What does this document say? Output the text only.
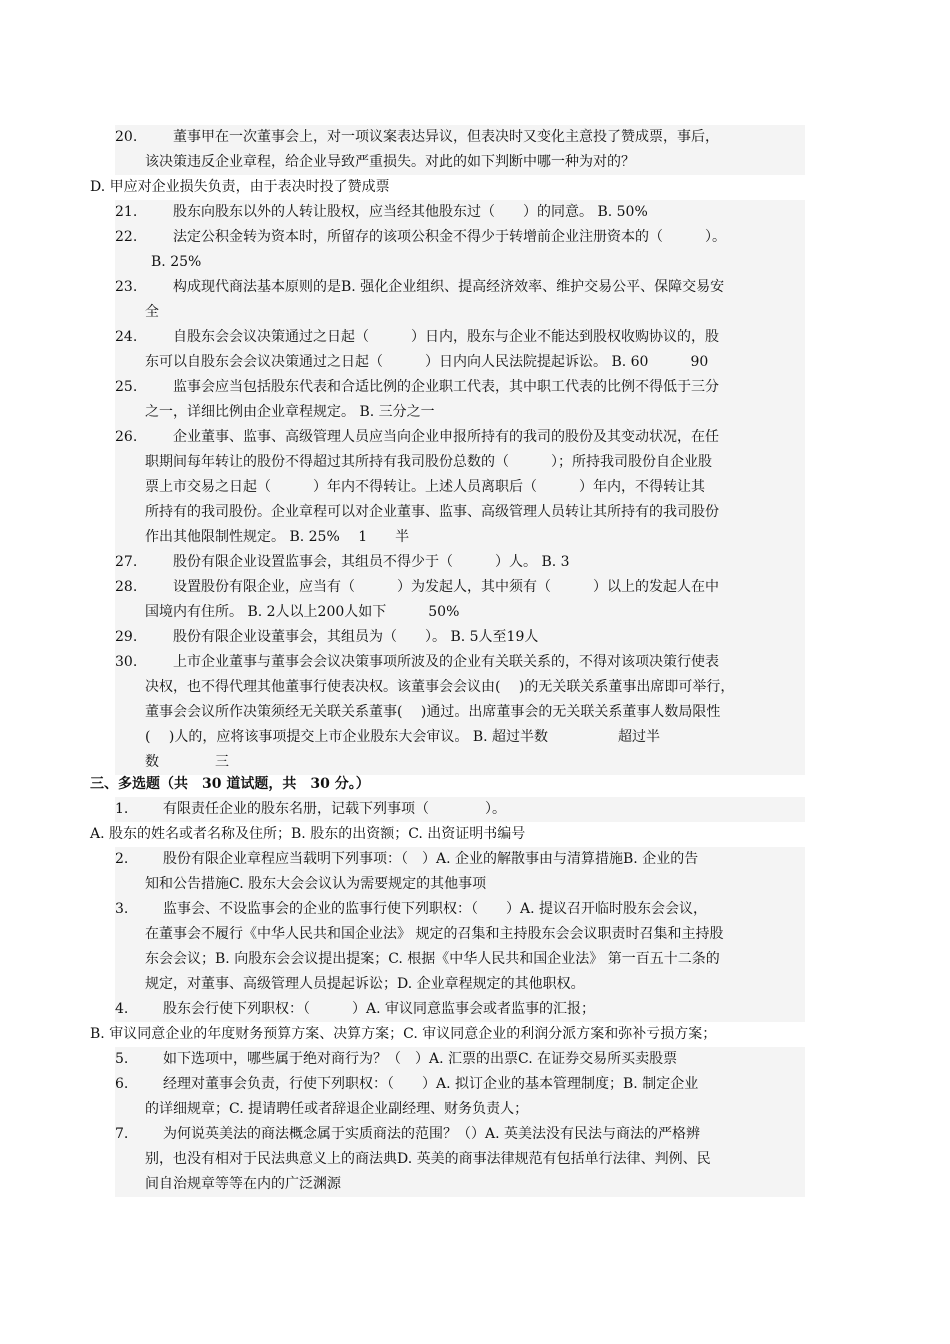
20.	董事甲在一次董事会上，对一项议案表达异议，但表决时又变化主意投了赞成票，事后，
该决策违反企业章程，给企业导致严重损失。对此的如下判断中哪一种为对的？
D. 甲应对企业损失负责，由于表决时投了赞成票
21.	股东向股东以外的人转让股权，应当经其他股东过（　　）的同意。 B. 50%
22.	法定公积金转为资本时，所留存的该项公积金不得少于转增前企业注册资本的（　　　）。
B. 25%
23.	构成现代商法基本原则的是B. 强化企业组织、提高经济效率、维护交易公平、保障交易安
全
24.	自股东会会议决策通过之日起（　　　）日内，股东与企业不能达到股权收购协议的，股
东可以自股东会会议决策通过之日起（　　　）日内向人民法院提起诉讼。 B. 60　　　90
25.	监事会应当包括股东代表和合适比例的企业职工代表，其中职工代表的比例不得低于三分
之一，详细比例由企业章程规定。 B. 三分之一
26.	企业董事、监事、高级管理人员应当向企业申报所持有的我司的股份及其变动状况，在任
职期间每年转让的股份不得超过其所持有我司股份总数的（　　　）；所持我司股份自企业股
票上市交易之日起（　　　）年内不得转让。上述人员离职后（　　　）年内，不得转让其
所持有的我司股份。企业章程可以对企业董事、监事、高级管理人员转让其所持有的我司股份
作出其他限制性规定。 B. 25%　 1　　半
27.	股份有限企业设置监事会，其组员不得少于（　　　）人。 B. 3
28.	设置股份有限企业，应当有（　　　）为发起人，其中须有（　　　）以上的发起人在中
国境内有住所。 B. 2人以上200人如下　　　50%
29.	股份有限企业设董事会，其组员为（　　）。 B. 5人至19人
30.	上市企业董事与董事会会议决策事项所波及的企业有关联关系的，不得对该项决策行使表
决权，也不得代理其他董事行使表决权。该董事会会议由(　 )的无关联关系董事出席即可举行，
董事会会议所作决策须经无关联关系董事(　 )通过。出席董事会的无关联关系董事人数局限性
(　 )人的，应将该事项提交上市企业股东大会审议。 B. 超过半数　　　　　超过半
数　　　　三
三、多选题（共　30 道试题，共　30 分。）
1.	有限责任企业的股东名册，记载下列事项（　　　　）。
A. 股东的姓名或者名称及住所；B. 股东的出资额；C. 出资证明书编号
2.	股份有限企业章程应当载明下列事项：（　）A. 企业的解散事由与清算措施B. 企业的告
知和公告措施C. 股东大会会议认为需要规定的其他事项
3.	监事会、不设监事会的企业的监事行使下列职权：（　　）A. 提议召开临时股东会会议，
在董事会不履行《中华人民共和国企业法》 规定的召集和主持股东会会议职责时召集和主持股
东会会议；B. 向股东会会议提出提案；C. 根据《中华人民共和国企业法》 第一百五十二条的
规定，对董事、高级管理人员提起诉讼；D. 企业章程规定的其他职权。
4.	股东会行使下列职权：（　　　）A. 审议同意监事会或者监事的汇报；
B. 审议同意企业的年度财务预算方案、决算方案；C. 审议同意企业的利润分派方案和弥补亏损方案；
5.	如下选项中，哪些属于绝对商行为？（　）A. 汇票的出票C. 在证券交易所买卖股票
6.	经理对董事会负责，行使下列职权：（　　）A. 拟订企业的基本管理制度；B. 制定企业
的详细规章；C. 提请聘任或者辞退企业副经理、财务负责人；
7.	为何说英美法的商法概念属于实质商法的范围？（）A. 英美法没有民法与商法的严格辨
别，也没有相对于民法典意义上的商法典D. 英美的商事法律规范有包括单行法律、判例、民
间自治规章等等在内的广泛渊源
